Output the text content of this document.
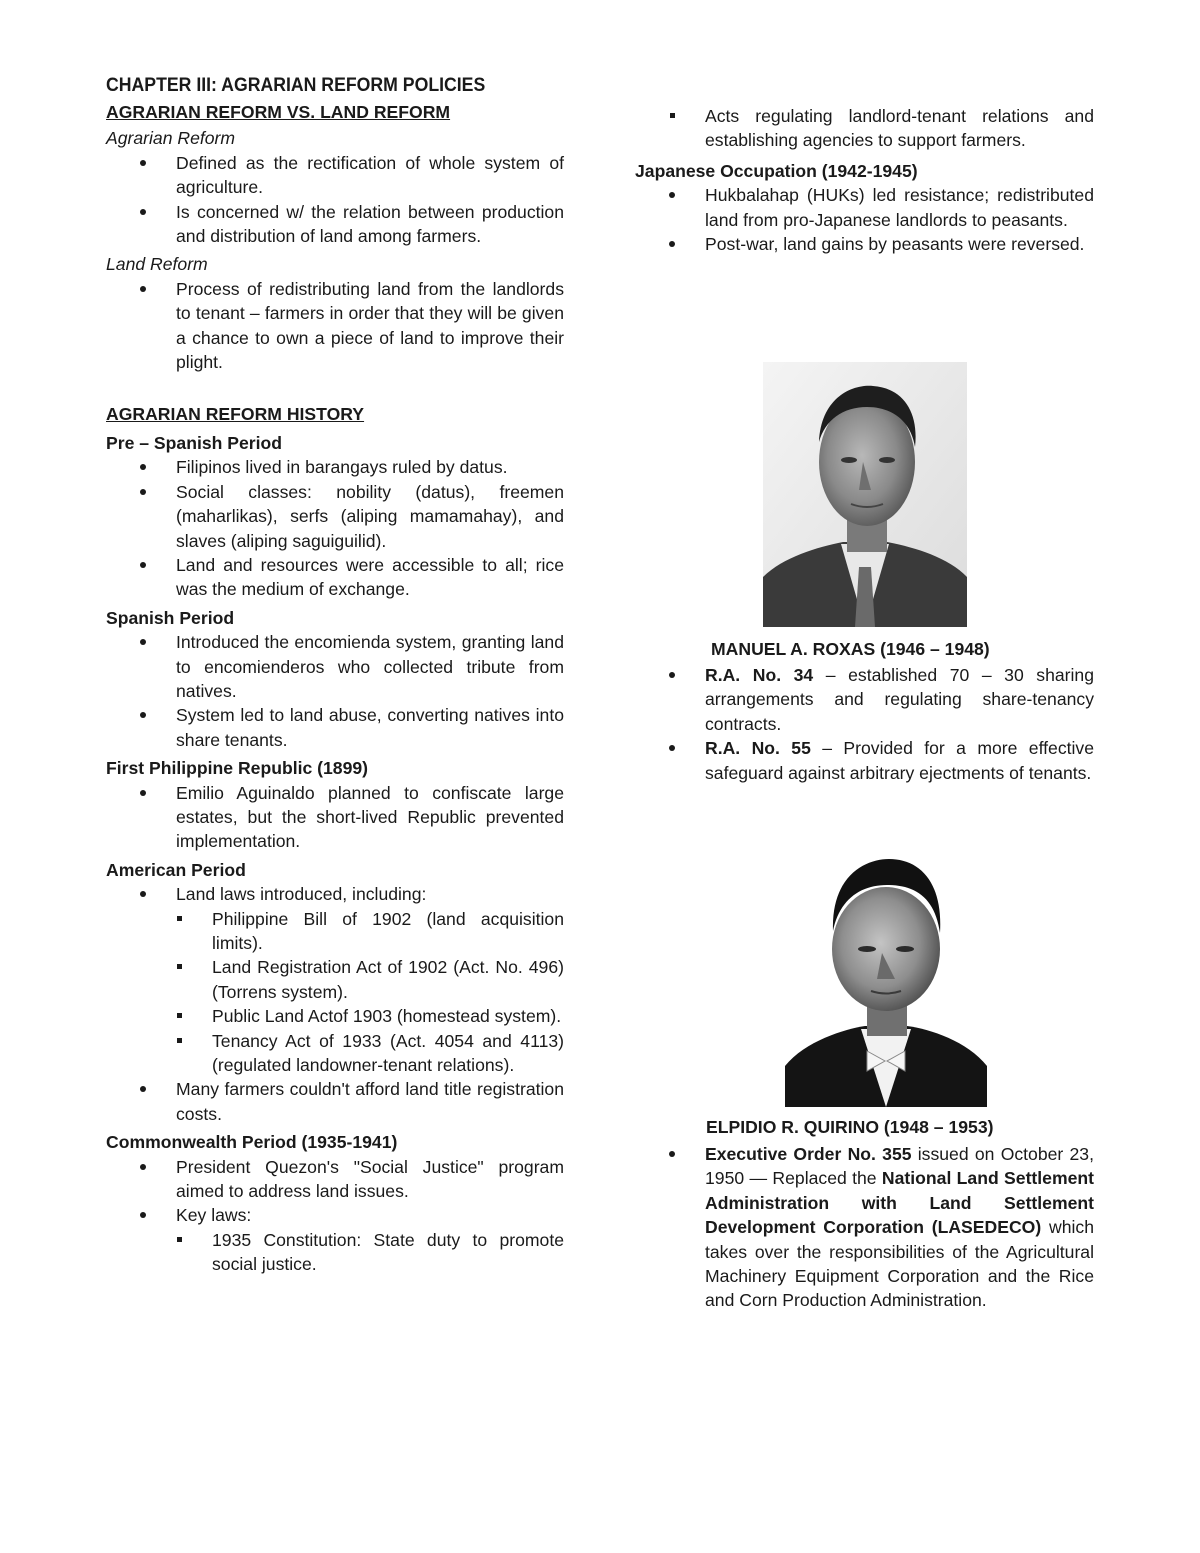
CHAPTER III: AGRARIAN REFORM POLICIES

AGRARIAN REFORM VS. LAND REFORM

Agrarian Reform

Defined as the rectification of whole system of agriculture.
Is concerned w/ the relation between production and distribution of land among farmers.

Land Reform

Process of redistributing land from the landlords to tenant – farmers in order that they will be given a chance to own a piece of land to improve their plight.

AGRARIAN REFORM HISTORY

Pre – Spanish Period

Filipinos lived in barangays ruled by datus.
Social classes: nobility (datus), freemen (maharlikas), serfs (aliping mamamahay), and slaves (aliping saguiguilid).
Land and resources were accessible to all; rice was the medium of exchange.

Spanish Period

Introduced the encomienda system, granting land to encomienderos who collected tribute from natives.
System led to land abuse, converting natives into share tenants.

First Philippine Republic (1899)

Emilio Aguinaldo planned to confiscate large estates, but the short-lived Republic prevented implementation.

American Period

Land laws introduced, including:
Philippine Bill of 1902 (land acquisition limits).
Land Registration Act of 1902 (Act. No. 496) (Torrens system).
Public Land Actof 1903 (homestead system).
Tenancy Act of 1933 (Act. 4054 and 4113) (regulated landowner-tenant relations).
Many farmers couldn't afford land title registration costs.

Commonwealth Period (1935-1941)

President Quezon's "Social Justice" program aimed to address land issues.
Key laws:
1935 Constitution: State duty to promote social justice.
Acts regulating landlord-tenant relations and establishing agencies to support farmers.

Japanese Occupation (1942-1945)

Hukbalahap (HUKs) led resistance; redistributed land from pro-Japanese landlords to peasants.
Post-war, land gains by peasants were reversed.
MANUEL A. ROXAS (1946 – 1948)
R.A. No. 34 – established 70 – 30 sharing arrangements and regulating share-tenancy contracts.
R.A. No. 55 – Provided for a more effective safeguard against arbitrary ejectments of tenants.
ELPIDIO R. QUIRINO (1948 – 1953)
Executive Order No. 355 issued on October 23, 1950 — Replaced the National Land Settlement Administration with Land Settlement Development Corporation (LASEDECO) which takes over the responsibilities of the Agricultural Machinery Equipment Corporation and the Rice and Corn Production Administration.
